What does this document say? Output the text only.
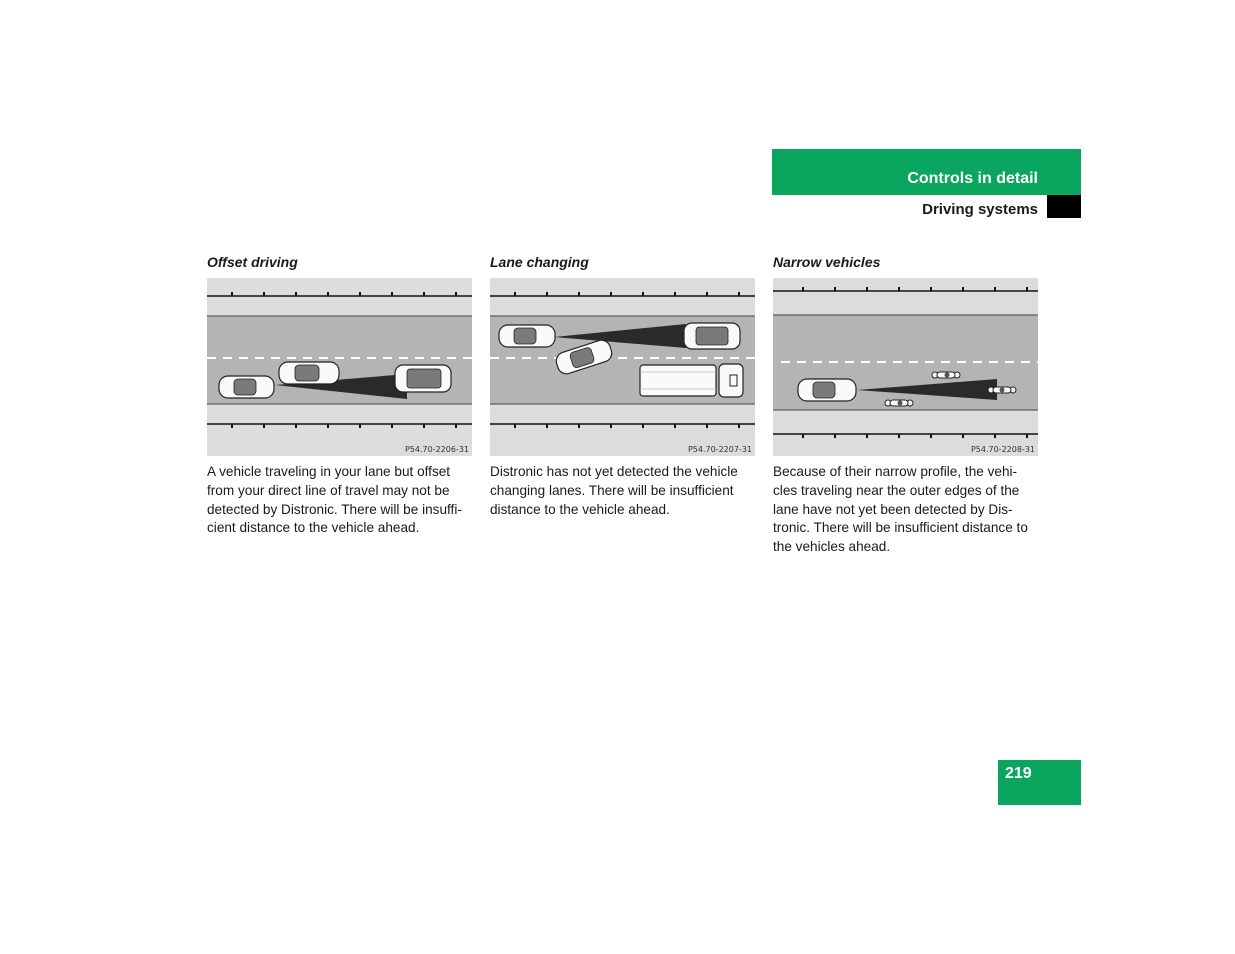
Controls in detail
Driving systems
Offset driving
P54.70-2206-31

A vehicle traveling in your lane but offset from your direct line of travel may not be detected by Distronic. There will be insuffi-cient distance to the vehicle ahead.

Lane changing
P54.70-2207-31

Distronic has not yet detected the vehicle changing lanes. There will be insufficient distance to the vehicle ahead.

Narrow vehicles
P54.70-2208-31

Because of their narrow profile, the vehi-cles traveling near the outer edges of the lane have not yet been detected by Dis-tronic. There will be insufficient distance to the vehicles ahead.

219
